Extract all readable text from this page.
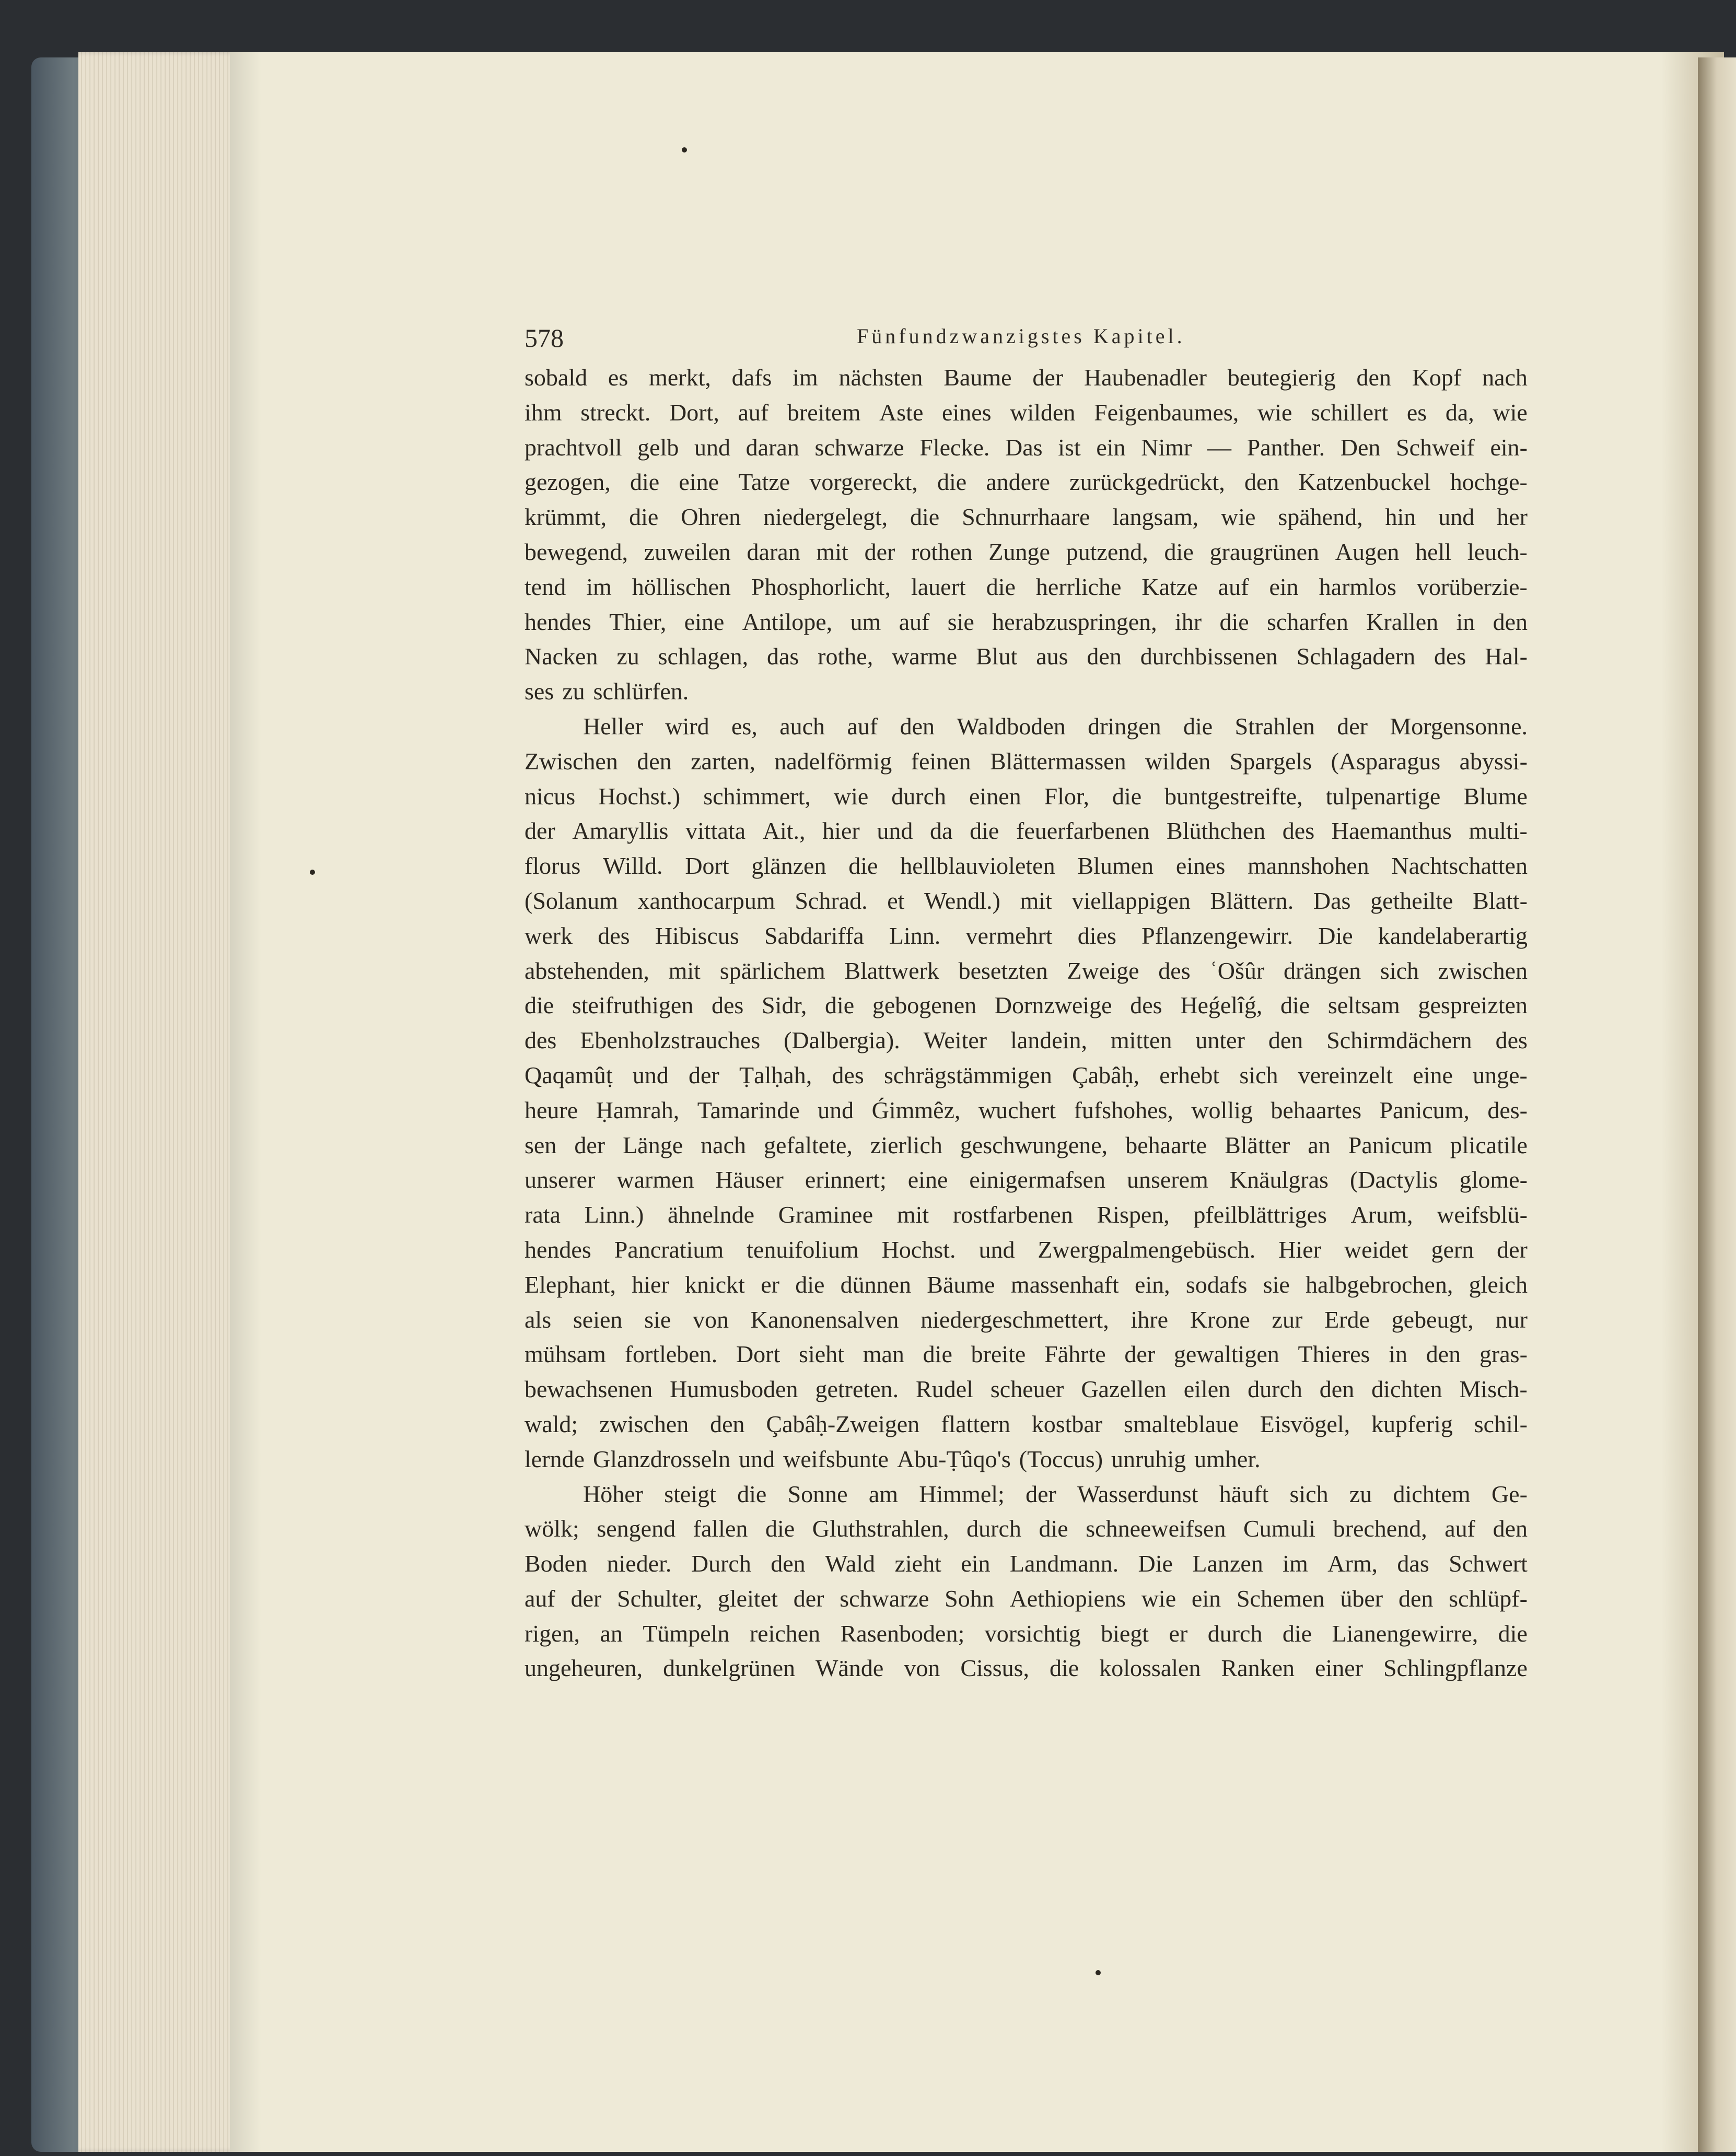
578	Fünfundzwanzigstes Kapitel.
sobald es merkt, dafs im nächsten Baume der Haubenadler beutegierig den Kopf nach
ihm streckt. Dort, auf breitem Aste eines wilden Feigenbaumes, wie schillert es da, wie
prachtvoll gelb und daran schwarze Flecke. Das ist ein Nimr — Panther. Den Schweif ein-
gezogen, die eine Tatze vorgereckt, die andere zurückgedrückt, den Katzenbuckel hochge-
krümmt, die Ohren niedergelegt, die Schnurrhaare langsam, wie spähend, hin und her
bewegend, zuweilen daran mit der rothen Zunge putzend, die graugrünen Augen hell leuch-
tend im höllischen Phosphorlicht, lauert die herrliche Katze auf ein harmlos vorüberzie-
hendes Thier, eine Antilope, um auf sie herabzuspringen, ihr die scharfen Krallen in den
Nacken zu schlagen, das rothe, warme Blut aus den durchbissenen Schlagadern des Hal-
ses zu schlürfen.
Heller wird es, auch auf den Waldboden dringen die Strahlen der Morgensonne.
Zwischen den zarten, nadelförmig feinen Blättermassen wilden Spargels (Asparagus abyssi-
nicus Hochst.) schimmert, wie durch einen Flor, die buntgestreifte, tulpenartige Blume
der Amaryllis vittata Ait., hier und da die feuerfarbenen Blüthchen des Haemanthus multi-
florus Willd. Dort glänzen die hellblauvioleten Blumen eines mannshohen Nachtschatten
(Solanum xanthocarpum Schrad. et Wendl.) mit viellappigen Blättern. Das getheilte Blatt-
werk des Hibiscus Sabdariffa Linn. vermehrt dies Pflanzengewirr. Die kandelaberartig
abstehenden, mit spärlichem Blattwerk besetzten Zweige des ʿOšûr drängen sich zwischen
die steifruthigen des Sidr, die gebogenen Dornzweige des Heǵelîǵ, die seltsam gespreizten
des Ebenholzstrauches (Dalbergia). Weiter landein, mitten unter den Schirmdächern des
Qaqamûṭ und der Ṭalḥah, des schrägstämmigen Çabâḥ, erhebt sich vereinzelt eine unge-
heure Ḥamrah, Tamarinde und Ǵimmêz, wuchert fufshohes, wollig behaartes Panicum, des-
sen der Länge nach gefaltete, zierlich geschwungene, behaarte Blätter an Panicum plicatile
unserer warmen Häuser erinnert; eine einigermafsen unserem Knäulgras (Dactylis glome-
rata Linn.) ähnelnde Graminee mit rostfarbenen Rispen, pfeilblättriges Arum, weifsblü-
hendes Pancratium tenuifolium Hochst. und Zwergpalmengebüsch. Hier weidet gern der
Elephant, hier knickt er die dünnen Bäume massenhaft ein, sodafs sie halbgebrochen, gleich
als seien sie von Kanonensalven niedergeschmettert, ihre Krone zur Erde gebeugt, nur
mühsam fortleben. Dort sieht man die breite Fährte der gewaltigen Thieres in den gras-
bewachsenen Humusboden getreten. Rudel scheuer Gazellen eilen durch den dichten Misch-
wald; zwischen den Çabâḥ-Zweigen flattern kostbar smalteblaue Eisvögel, kupferig schil-
lernde Glanzdrosseln und weifsbunte Abu-Ṭûqo's (Toccus) unruhig umher.
Höher steigt die Sonne am Himmel; der Wasserdunst häuft sich zu dichtem Ge-
wölk; sengend fallen die Gluthstrahlen, durch die schneeweifsen Cumuli brechend, auf den
Boden nieder. Durch den Wald zieht ein Landmann. Die Lanzen im Arm, das Schwert
auf der Schulter, gleitet der schwarze Sohn Aethiopiens wie ein Schemen über den schlüpf-
rigen, an Tümpeln reichen Rasenboden; vorsichtig biegt er durch die Lianengewirre, die
ungeheuren, dunkelgrünen Wände von Cissus, die kolossalen Ranken einer Schlingpflanze
